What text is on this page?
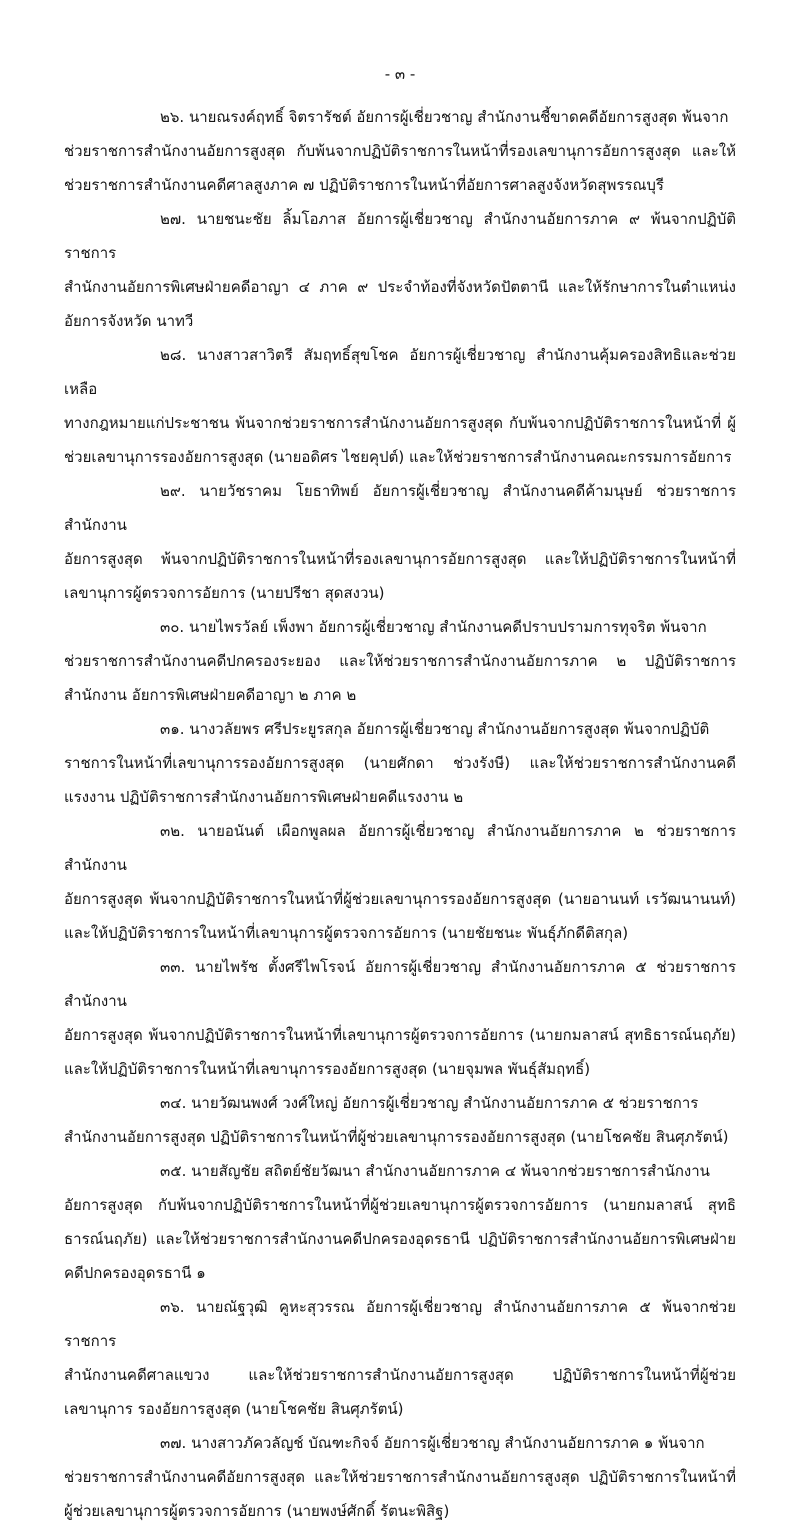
- ๓ -
๒๖. นายณรงค์ฤทธิ์ จิตรารัชต์ อัยการผู้เชี่ยวชาญ สำนักงานชี้ขาดคดีอัยการสูงสุด พ้นจาก
ช่วยราชการสำนักงานอัยการสูงสุด กับพ้นจากปฏิบัติราชการในหน้าที่รองเลขานุการอัยการสูงสุด และให้ ช่วยราชการสำนักงานคดีศาลสูงภาค ๗ ปฏิบัติราชการในหน้าที่อัยการศาลสูงจังหวัดสุพรรณบุรี
๒๗. นายชนะชัย ลิ้มโอภาส อัยการผู้เชี่ยวชาญ สำนักงานอัยการภาค ๙ พ้นจากปฏิบัติราชการ
สำนักงานอัยการพิเศษฝ่ายคดีอาญา ๔ ภาค ๙ ประจำท้องที่จังหวัดปัตตานี และให้รักษาการในตำแหน่งอัยการจังหวัด นาทวี
๒๘. นางสาวสาวิตรี สัมฤทธิ์สุขโชค อัยการผู้เชี่ยวชาญ สำนักงานคุ้มครองสิทธิและช่วยเหลือ
ทางกฎหมายแก่ประชาชน พ้นจากช่วยราชการสำนักงานอัยการสูงสุด กับพ้นจากปฏิบัติราชการในหน้าที่ ผู้ช่วยเลขานุการรองอัยการสูงสุด (นายอดิศร ไชยคุปต์) และให้ช่วยราชการสำนักงานคณะกรรมการอัยการ
๒๙. นายวัชราคม โยธาทิพย์ อัยการผู้เชี่ยวชาญ สำนักงานคดีค้ามนุษย์ ช่วยราชการสำนักงาน
อัยการสูงสุด พ้นจากปฏิบัติราชการในหน้าที่รองเลขานุการอัยการสูงสุด และให้ปฏิบัติราชการในหน้าที่ เลขานุการผู้ตรวจการอัยการ (นายปรีชา สุดสงวน)
๓๐. นายไพรวัลย์ เพ็งพา อัยการผู้เชี่ยวชาญ สำนักงานคดีปราบปรามการทุจริต พ้นจาก
ช่วยราชการสำนักงานคดีปกครองระยอง และให้ช่วยราชการสำนักงานอัยการภาค ๒ ปฏิบัติราชการสำนักงาน อัยการพิเศษฝ่ายคดีอาญา ๒ ภาค ๒
๓๑. นางวลัยพร ศรีประยูรสกุล อัยการผู้เชี่ยวชาญ สำนักงานอัยการสูงสุด พ้นจากปฏิบัติ
ราชการในหน้าที่เลขานุการรองอัยการสูงสุด (นายศักดา ช่วงรังษี) และให้ช่วยราชการสำนักงานคดีแรงงาน ปฏิบัติราชการสำนักงานอัยการพิเศษฝ่ายคดีแรงงาน ๒
๓๒. นายอนันต์ เผือกพูลผล อัยการผู้เชี่ยวชาญ สำนักงานอัยการภาค ๒ ช่วยราชการสำนักงาน
อัยการสูงสุด พ้นจากปฏิบัติราชการในหน้าที่ผู้ช่วยเลขานุการรองอัยการสูงสุด (นายอานนท์ เรวัฒนานนท์) และให้ปฏิบัติราชการในหน้าที่เลขานุการผู้ตรวจการอัยการ (นายชัยชนะ พันธุ์ภักดีติสกุล)
๓๓. นายไพรัช ตั้งศรีไพโรจน์ อัยการผู้เชี่ยวชาญ สำนักงานอัยการภาค ๕ ช่วยราชการสำนักงาน
อัยการสูงสุด พ้นจากปฏิบัติราชการในหน้าที่เลขานุการผู้ตรวจการอัยการ (นายกมลาสน์ สุทธิธารณ์นฤภัย) และให้ปฏิบัติราชการในหน้าที่เลขานุการรองอัยการสูงสุด (นายจุมพล พันธุ์สัมฤทธิ์)
๓๔. นายวัฒนพงศ์ วงศ์ใหญ่ อัยการผู้เชี่ยวชาญ สำนักงานอัยการภาค ๕ ช่วยราชการ
สำนักงานอัยการสูงสุด ปฏิบัติราชการในหน้าที่ผู้ช่วยเลขานุการรองอัยการสูงสุด (นายโชคชัย สินศุภรัตน์)
๓๕. นายสัญชัย สถิตย์ชัยวัฒนา สำนักงานอัยการภาค ๔ พ้นจากช่วยราชการสำนักงาน
อัยการสูงสุด กับพ้นจากปฏิบัติราชการในหน้าที่ผู้ช่วยเลขานุการผู้ตรวจการอัยการ (นายกมลาสน์ สุทธิธารณ์นฤภัย) และให้ช่วยราชการสำนักงานคดีปกครองอุดรธานี ปฏิบัติราชการสำนักงานอัยการพิเศษฝ่ายคดีปกครองอุดรธานี ๑
๓๖. นายณัฐวุฒิ คูหะสุวรรณ อัยการผู้เชี่ยวชาญ สำนักงานอัยการภาค ๕ พ้นจากช่วยราชการ
สำนักงานคดีศาลแขวง และให้ช่วยราชการสำนักงานอัยการสูงสุด ปฏิบัติราชการในหน้าที่ผู้ช่วยเลขานุการ รองอัยการสูงสุด (นายโชคชัย สินศุภรัตน์)
๓๗. นางสาวภัควลัญช์ บัณฑะกิจจ์ อัยการผู้เชี่ยวชาญ สำนักงานอัยการภาค ๑ พ้นจาก
ช่วยราชการสำนักงานคดีอัยการสูงสุด และให้ช่วยราชการสำนักงานอัยการสูงสุด ปฏิบัติราชการในหน้าที่ ผู้ช่วยเลขานุการผู้ตรวจการอัยการ (นายพงษ์ศักดิ์ รัตนะพิสิฐ)
